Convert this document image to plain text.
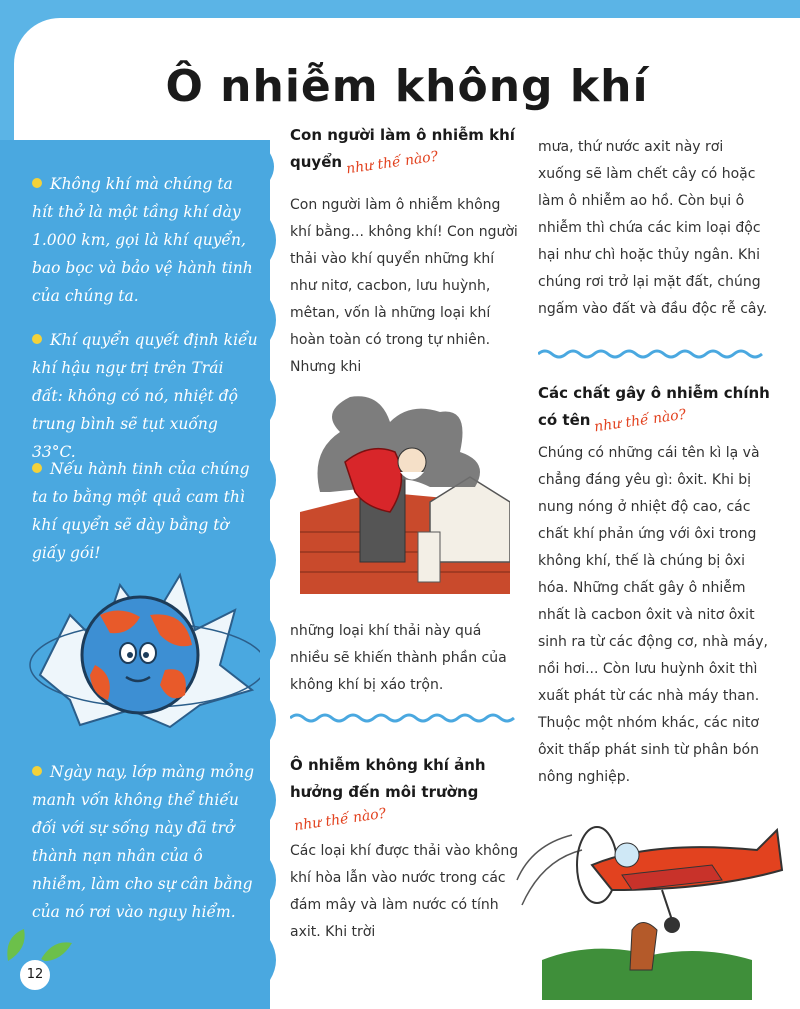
Ô nhiễm không khí

Không khí mà chúng ta hít thở là một tầng khí dày 1.000 km, gọi là khí quyển, bao bọc và bảo vệ hành tinh của chúng ta.

Khí quyển quyết định kiểu khí hậu ngự trị trên Trái đất: không có nó, nhiệt độ trung bình sẽ tụt xuống 33°C.

Nếu hành tinh của chúng ta to bằng một quả cam thì khí quyển sẽ dày bằng tờ giấy gói!

Ngày nay, lớp màng mỏng manh vốn không thể thiếu đối với sự sống này đã trở thành nạn nhân của ô nhiễm, làm cho sự cân bằng của nó rơi vào nguy hiểm.

Con người làm ô nhiễm khí quyển như thế nào?

Con người làm ô nhiễm không khí bằng... không khí! Con người thải vào khí quyển những khí như nitơ, cacbon, lưu huỳnh, mêtan, vốn là những loại khí hoàn toàn có trong tự nhiên. Nhưng khi

những loại khí thải này quá nhiều sẽ khiến thành phần của không khí bị xáo trộn.

Ô nhiễm không khí ảnh hưởng đến môi trườngnhư thế nào?

Các loại khí được thải vào không khí hòa lẫn vào nước trong các đám mây và làm nước có tính axit. Khi trời

mưa, thứ nước axit này rơi xuống sẽ làm chết cây có hoặc làm ô nhiễm ao hồ. Còn bụi ô nhiễm thì chứa các kim loại độc hại như chì hoặc thủy ngân. Khi chúng rơi trở lại mặt đất, chúng ngấm vào đất và đầu độc rễ cây.

Các chất gây ô nhiễm chính có tên như thế nào?

Chúng có những cái tên kì lạ và chẳng đáng yêu gì: ôxit. Khi bị nung nóng ở nhiệt độ cao, các chất khí phản ứng với ôxi trong không khí, thế là chúng bị ôxi hóa. Những chất gây ô nhiễm nhất là cacbon ôxit và nitơ ôxit sinh ra từ các động cơ, nhà máy, nồi hơi... Còn lưu huỳnh ôxit thì xuất phát từ các nhà máy than. Thuộc một nhóm khác, các nitơ ôxit thấp phát sinh từ phân bón nông nghiệp.

12
